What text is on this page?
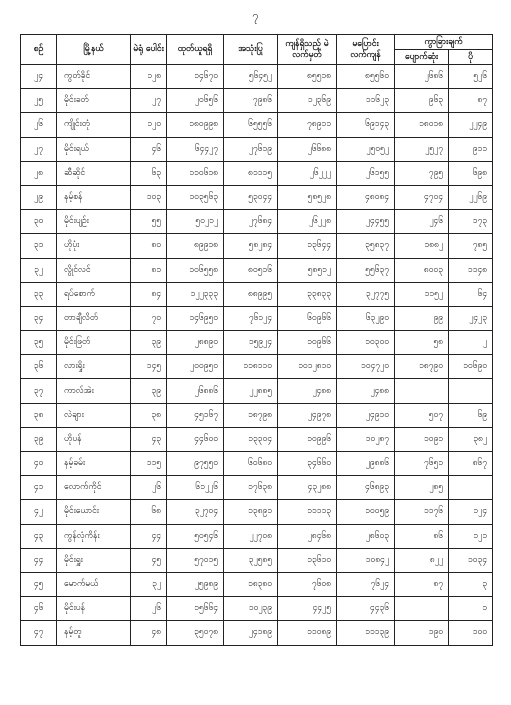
၇
စဉ်	မြို့နယ်	မဲရုံ ပေါင်း	ထုတ်ယူရရှိ	အသုံးပြု	ကျန်ရှိသည့် မဲလက်မှတ်	မပြောင်း လက်ကျန်	ကွာခြားချက်	
							ပျောက်ဆုံး	ပို
၂၄	ကွတ်ခိုင်	၁၂၈	၁၄၆၇၀	၅၆၄၅၂	၈၅၅၁၈	၈၅၅၆၀	၂၆၈၆	၅၂၆
၂၅	မိုင်းခတ်	၂၇	၂၀၆၅၆	၇၉၈၆	၁၂၃၆၉	၁၁၆၂၃	၉၆၃	၈၇
၂၆	ကျိုင်းတုံ	၁၂၀	၁၈၀၉၉၈	၆၅၅၅၆	၇၈၉၁၁	၆၉၁၄၃	၁၈၀၁၈	၂၂၄၉
၂၇	မိုင်းရယ်	၄၆	၆၄၄၂၇	၂၇၆၁၉	၂၆၆၈၈	၂၅၀၅၂	၂၅၂၇	၉၁၁
၂၈	ဆီဆိုင်	၆၃	၁၁၀၆၁၈	၈၁၁၁၅	၂၆၂၂၂	၂၆၁၅၅	၇၉၅	၆၉၈
၂၉	နမ့်စန်	၁၀၃	၁၀၃၅၆၃	၅၃၀၄၄	၅၈၅၂၈	၄၈၀၈၄	၄၇၀၄	၂၂၆၉
၃၀	မိုင်းပျဉ်း	၅၅	၅၀၂၁၂	၂၇၆၈၄	၂၆၂၂၈	၂၄၄၅၅	၂၄၆	၁၇၃
၃၁	ဟိုပုံး	၈၀	၈၉၉၁၈	၅၈၂၈၄	၁၃၆၄၄	၃၅၈၃၇	၁၈၈၂	၇၈၅
၃၂	လွိုင်လင်	၈၁	၁၀၆၅၅၈	၈၀၅၁၆	၅၈၅၁၂	၅၅၆၃၇	၈၀၀၃	၁၁၄၈
၃၃	ရပ်စောက်	၈၄	၁၂၂၃၃၃	၈၈၉၉၅	၃၃၈၃၃	၃၂၇၇၅	၁၁၅၂	၆၄
၃၄	တာချီလိတ်	၇၀	၁၄၆၉၅၀	၇၆၁၂၄	၆၀၉၆၆	၆၃၂၉၀	၉၉	၂၄၂၃
၃၅	မိုင်းဖြတ်	၃၉	၂၈၈၉၀	၁၅၉၂၄	၁၀၉၆၆	၁၀၃၀၀	၅၈	၂
၃၆	လားရှိုး	၁၄၅	၂၀၀၉၅၀	၁၁၈၁၁၀	၁၀၁၂၈၁၀	၁၀၄၇၂၀	၁၈၇၉၀	၁၀၆၉၀
၃၇	ကာလ်အဲး	၃၉	၂၆၈၈၆	၂၂၈၈၅	၂၄၈၈	၂၄၈၈		
၃၈	လဲချား	၃၈	၄၅၁၆၇	၁၈၇၉၈	၂၄၉၇၈	၂၄၉၁၀	၅၀၇	၆၉
၃၉	ဟိုပန်	၄၃	၄၄၆၀၀	၁၃၃၀၄	၁၀၉၉၆	၁၀၂၈၇	၁၀၉၁	၃၈၂
၄၀	နမ့်ခမ်း	၁၁၅	၉၇၅၅၀	၆၀၆၈၀	၃၄၆၆၀	၂၉၈၈၆	၇၆၅၁	၈၆၇
၄၁	လောက်ကိုင်	၂၆	၆၁၂၂၆	၁၇၆၃၈	၄၃၂၈၈	၄၆၈၉၃	၂၈၅	
၄၂	မိုင်းယောင်း	၆၈	၃၂၇၀၄	၁၃၈၉၁	၁၁၁၁၃	၁၀၀၅၉	၁၁၇၆	၁၂၄
၄၃	ကွန်လုံကိန်း	၄၄	၅၀၅၄၆	၂၂၇၀၈	၂၈၄၆၈	၂၈၆၀၃	၈၆	၁၂၁
၄၄	မိုင်းရှူး	၄၅	၅၇၀၁၅	၃၂၅၈၅	၁၃၆၁၀	၁၀၈၄၂	၈၂၂	၁၀၃၄
၄၅	မောက်မယ်	၃၂	၂၅၉၈၉	၁၈၃၈၀	၇၆၀၈	၇၆၂၄	၈၇	၃
၄၆	မိုင်းပန်	၂၆	၁၅၆၆၄	၁၀၂၃၉	၄၄၂၅	၄၄၃၆		၁
၄၇	နမ့်တူ	၄၈	၃၅၀၇၈	၂၄၁၈၉	၁၁၀၈၉	၁၁၁၃၉	၁၉၀	၁၀၀
